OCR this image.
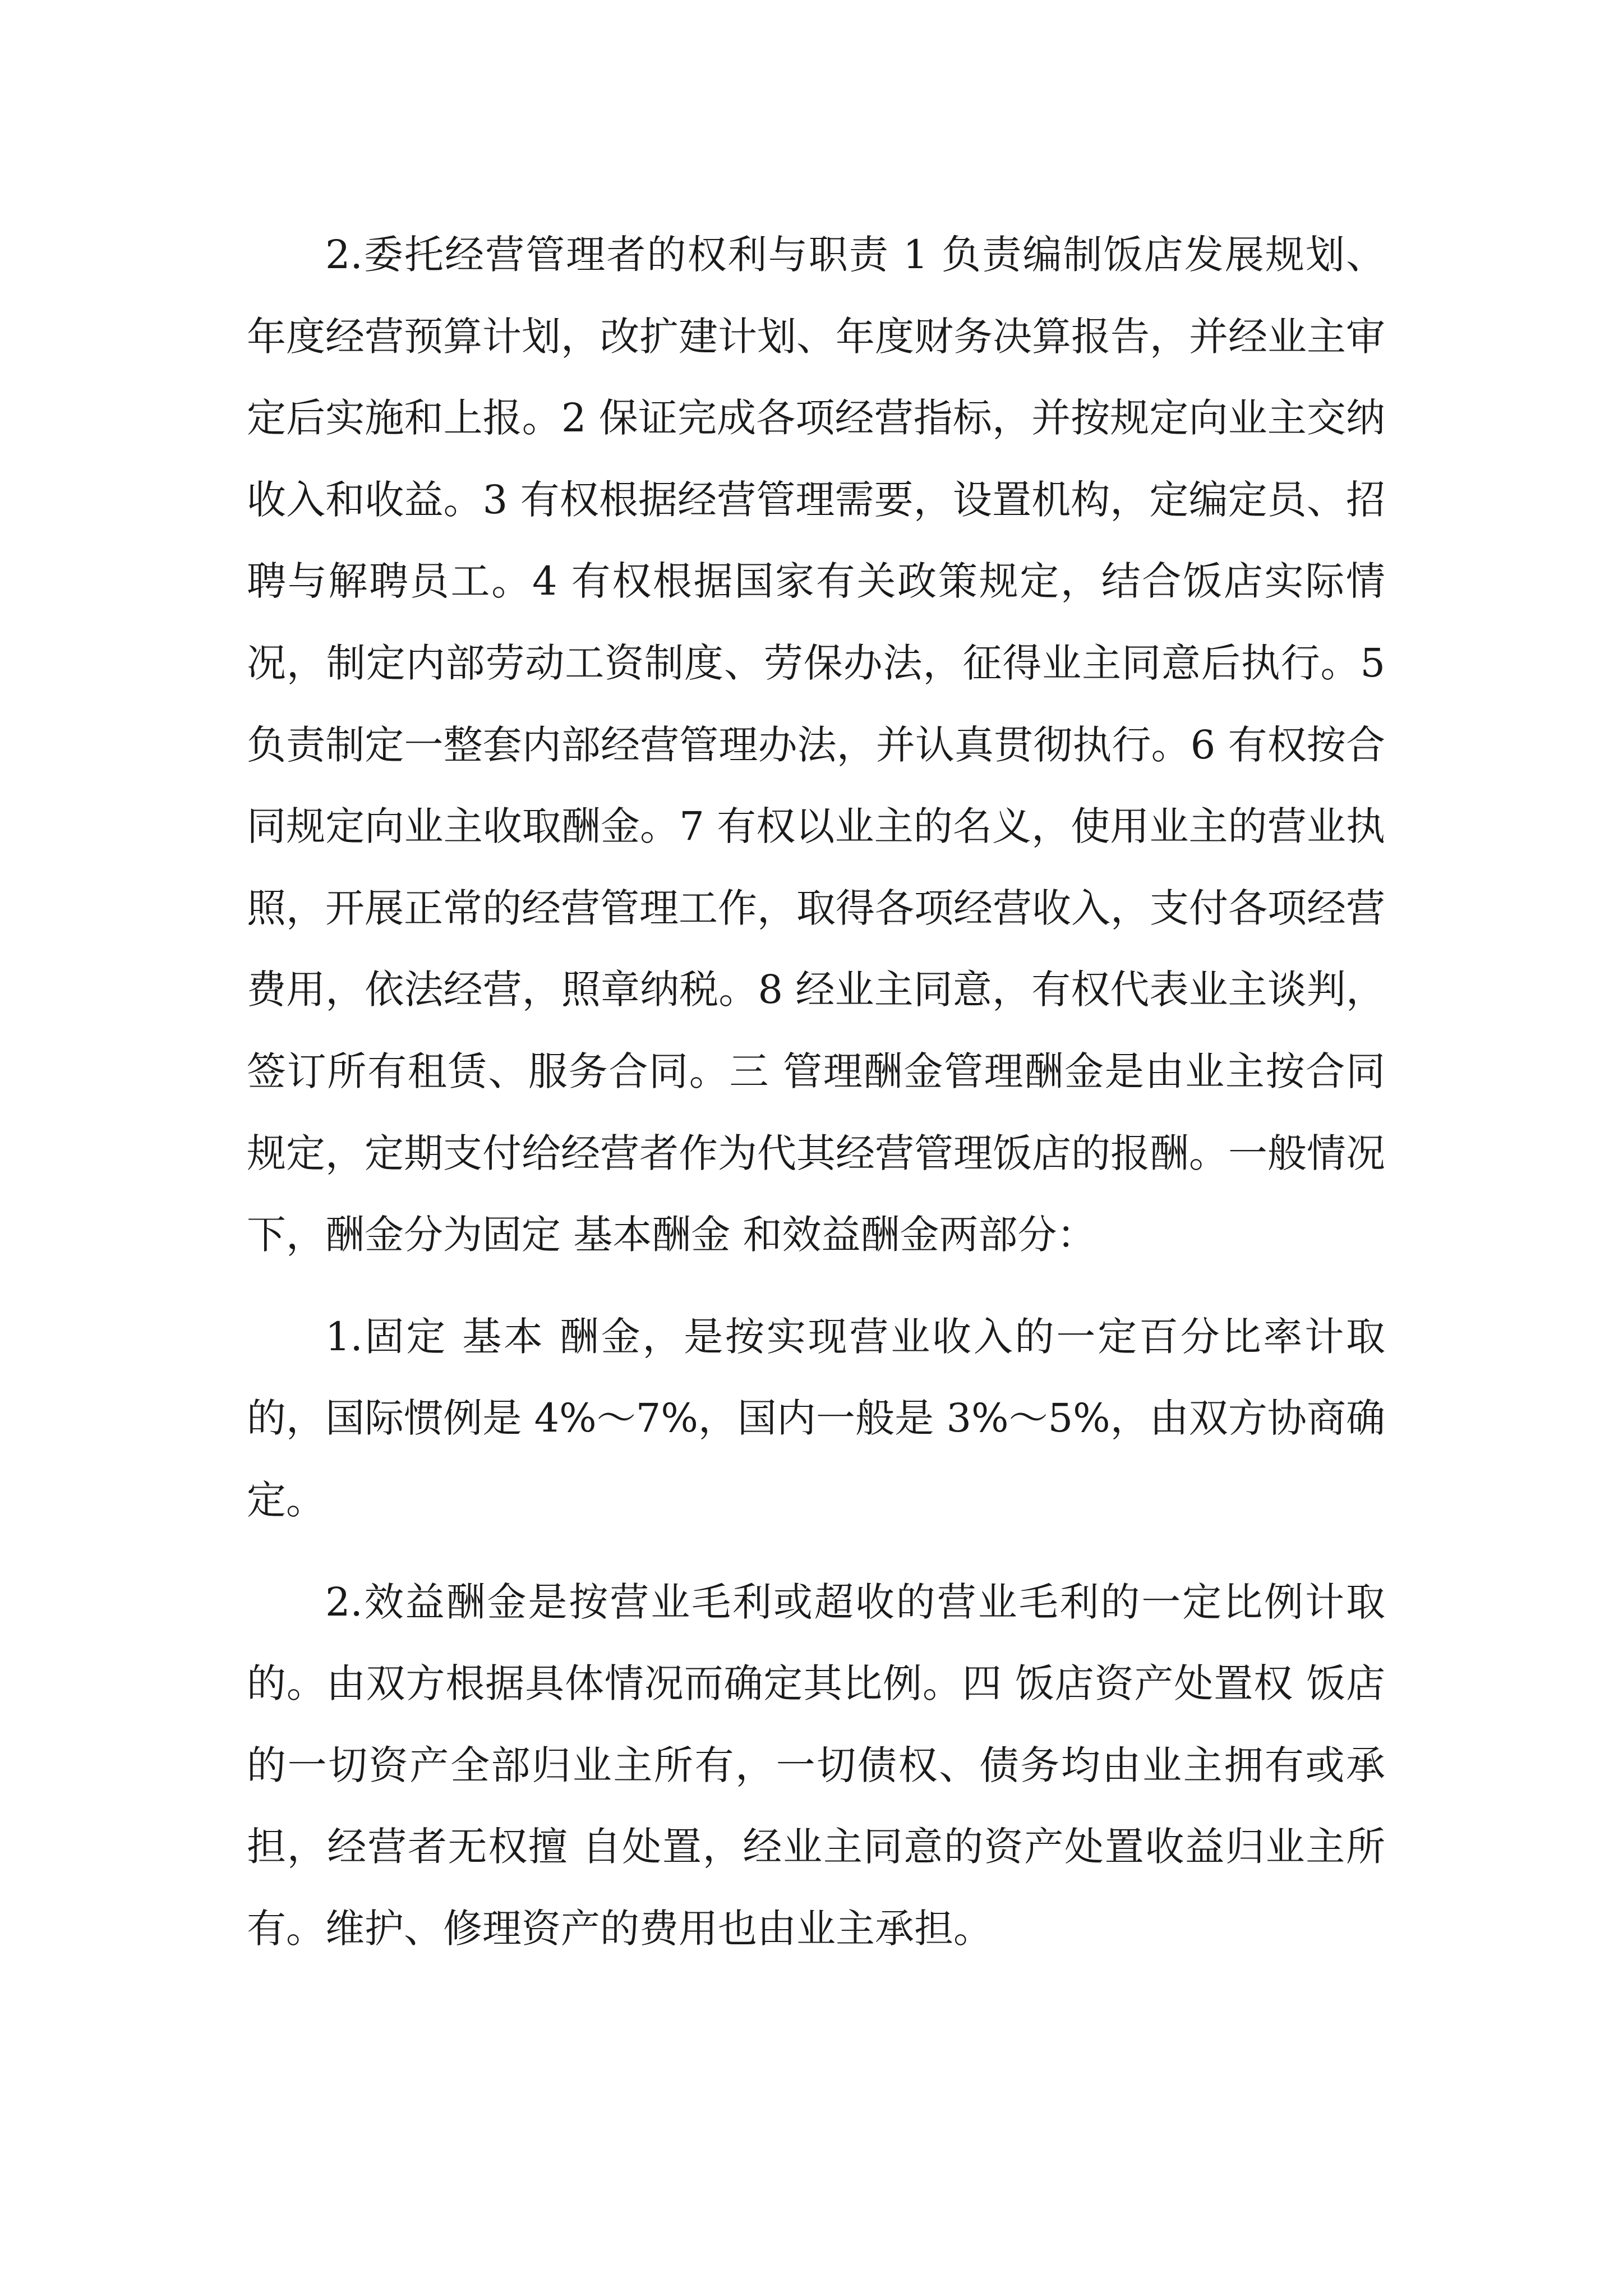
2.委托经营管理者的权利与职责 1 负责编制饭店发展规划、年度经营预算计划，改扩建计划、年度财务决算报告，并经业主审定后实施和上报。2 保证完成各项经营指标，并按规定向业主交纳收入和收益。3 有权根据经营管理需要，设置机构，定编定员、招聘与解聘员工。4 有权根据国家有关政策规定，结合饭店实际情况，制定内部劳动工资制度、劳保办法，征得业主同意后执行。5 负责制定一整套内部经营管理办法，并认真贯彻执行。6 有权按合同规定向业主收取酬金。7 有权以业主的名义，使用业主的营业执照，开展正常的经营管理工作，取得各项经营收入，支付各项经营费用，依法经营，照章纳税。8 经业主同意，有权代表业主谈判，签订所有租赁、服务合同。三 管理酬金管理酬金是由业主按合同规定，定期支付给经营者作为代其经营管理饭店的报酬。一般情况下，酬金分为固定 基本酬金 和效益酬金两部分：

1.固定 基本 酬金，是按实现营业收入的一定百分比率计取的，国际惯例是 4%～7%，国内一般是 3%～5%，由双方协商确定。

2.效益酬金是按营业毛利或超收的营业毛利的一定比例计取的。由双方根据具体情况而确定其比例。四 饭店资产处置权 饭店的一切资产全部归业主所有，一切债权、债务均由业主拥有或承担，经营者无权擅 自处置，经业主同意的资产处置收益归业主所有。维护、修理资产的费用也由业主承担。
